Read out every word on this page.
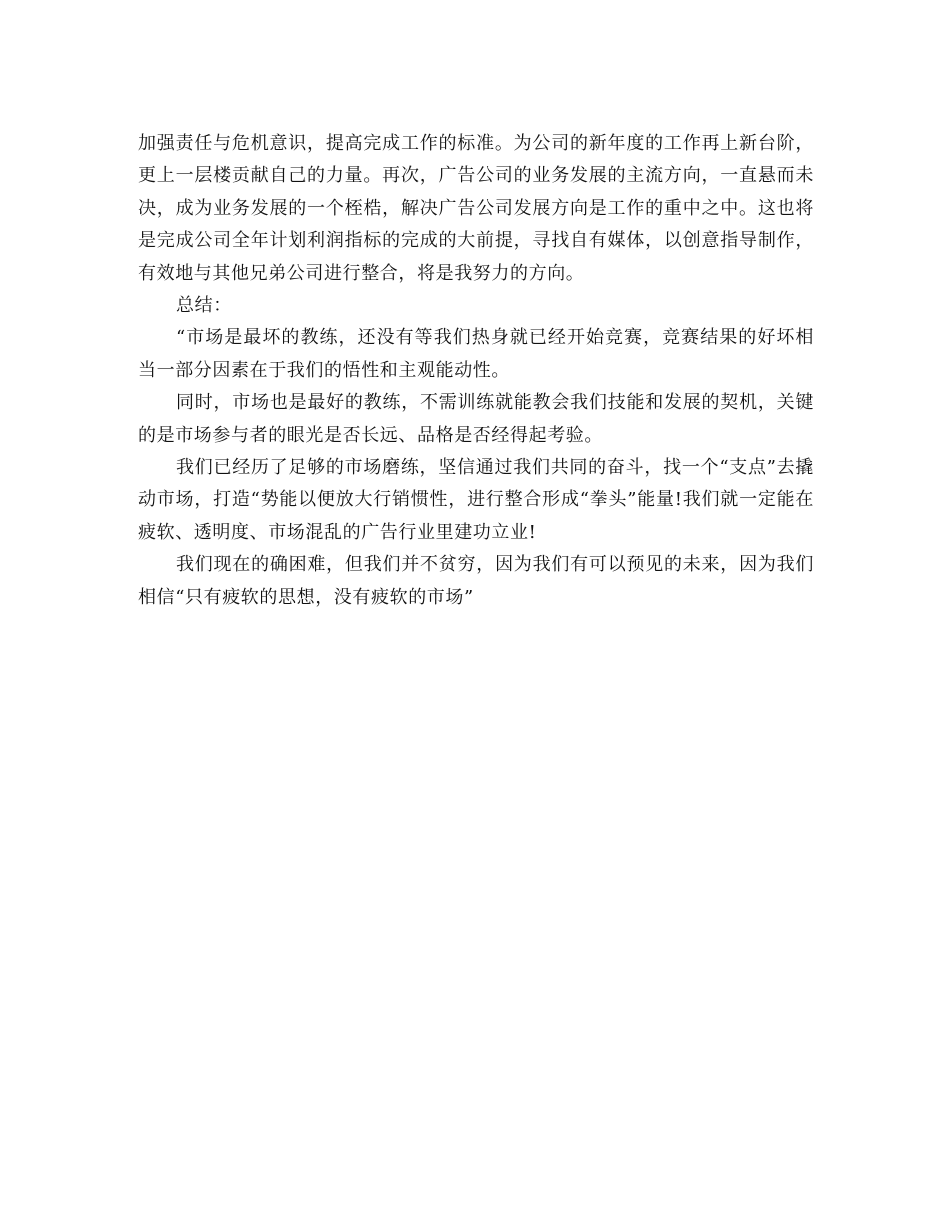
加强责任与危机意识，提高完成工作的标准。为公司的新年度的工作再上新台阶，更上一层楼贡献自己的力量。再次，广告公司的业务发展的主流方向，一直悬而未决，成为业务发展的一个桎梏，解决广告公司发展方向是工作的重中之中。这也将是完成公司全年计划利润指标的完成的大前提，寻找自有媒体，以创意指导制作，有效地与其他兄弟公司进行整合，将是我努力的方向。

总结：

“市场是最坏的教练，还没有等我们热身就已经开始竞赛，竞赛结果的好坏相当一部分因素在于我们的悟性和主观能动性。

同时，市场也是最好的教练，不需训练就能教会我们技能和发展的契机，关键的是市场参与者的眼光是否长远、品格是否经得起考验。

我们已经历了足够的市场磨练，坚信通过我们共同的奋斗，找一个“支点”去撬动市场，打造“势能以便放大行销惯性，进行整合形成“拳头”能量!我们就一定能在疲软、透明度、市场混乱的广告行业里建功立业!

我们现在的确困难，但我们并不贫穷，因为我们有可以预见的未来，因为我们相信“只有疲软的思想，没有疲软的市场”
